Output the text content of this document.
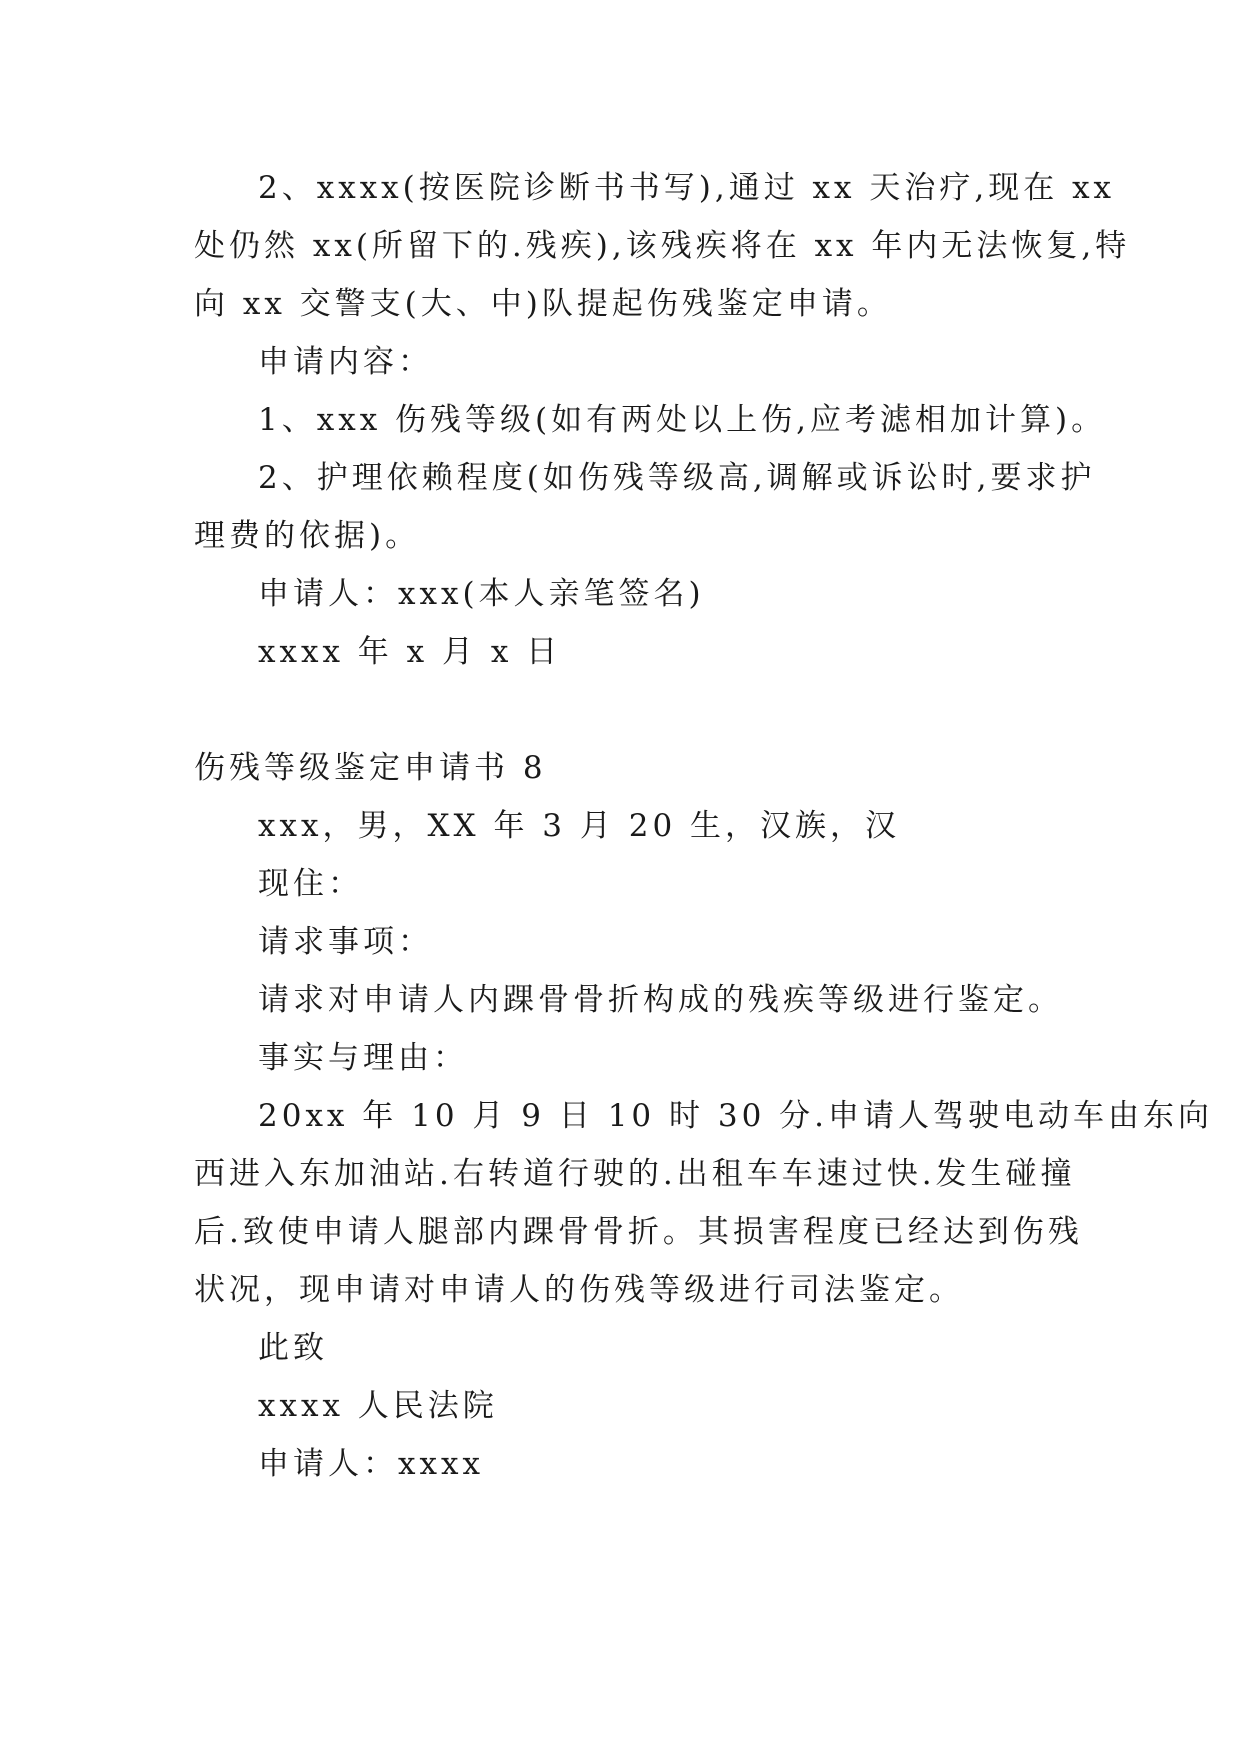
2、xxxx(按医院诊断书书写),通过 xx 天治疗,现在 xx
处仍然 xx(所留下的.残疾),该残疾将在 xx 年内无法恢复,特
向 xx 交警支(大、中)队提起伤残鉴定申请。
申请内容：
1、xxx 伤残等级(如有两处以上伤,应考滤相加计算)。
2、护理依赖程度(如伤残等级高,调解或诉讼时,要求护
理费的依据)。
申请人：xxx(本人亲笔签名)
xxxx 年 x 月 x 日
伤残等级鉴定申请书 8
xxx，男，XX 年 3 月 20 生，汉族，汉
现住：
请求事项：
请求对申请人内踝骨骨折构成的残疾等级进行鉴定。
事实与理由：
20xx 年 10 月 9 日 10 时 30 分.申请人驾驶电动车由东向
西进入东加油站.右转道行驶的.出租车车速过快.发生碰撞
后.致使申请人腿部内踝骨骨折。其损害程度已经达到伤残
状况，现申请对申请人的伤残等级进行司法鉴定。
此致
xxxx 人民法院
申请人：xxxx
